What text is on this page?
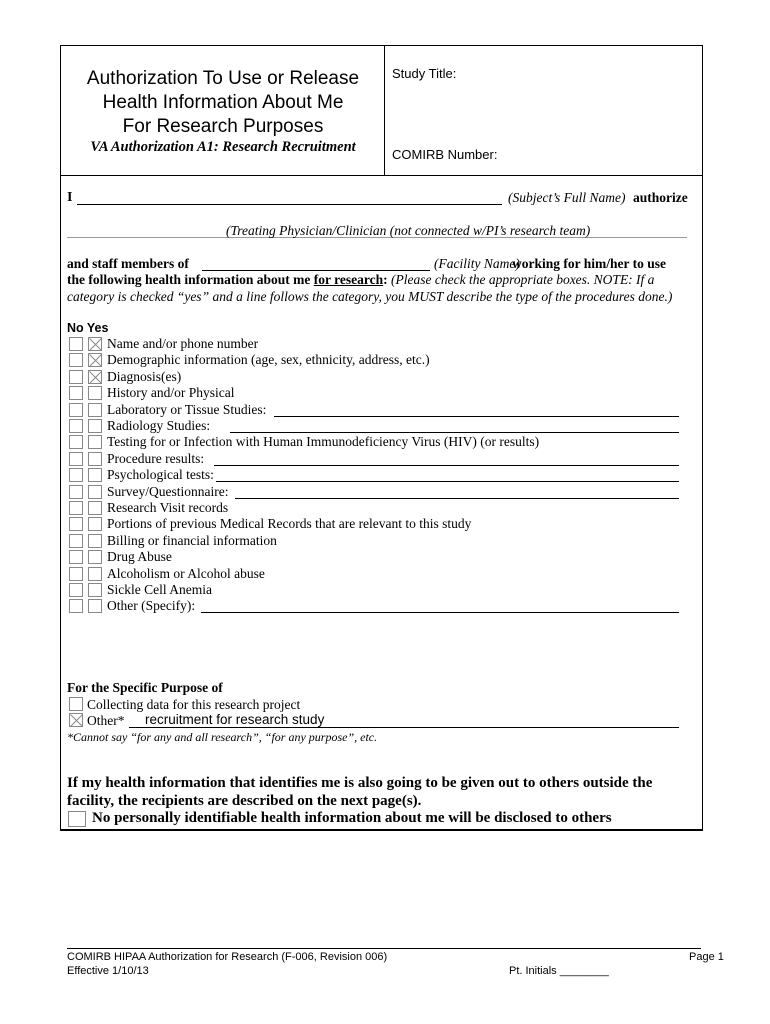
Authorization To Use or Release
Health Information About Me
For Research Purposes
VA Authorization A1: Research Recruitment
Study Title:
COMIRB Number:
I	(Subject’s Full Name) authorize
(Treating Physician/Clinician (not connected w/PI’s research team)
and staff members of	(Facility Name)
working for him/her to use
the following health information about me for research: (Please check the appropriate boxes. NOTE: If a
category is checked “yes” and a line follows the category, you MUST describe the type of the procedures done.)
No Yes
Name and/or phone number
Demographic information (age, sex, ethnicity, address, etc.)
Diagnosis(es)
History and/or Physical
Laboratory or Tissue Studies:
Radiology Studies:
Testing for or Infection with Human Immunodeficiency Virus (HIV) (or results)
Procedure results:
Psychological tests:
Survey/Questionnaire:
Research Visit records
Portions of previous Medical Records that are relevant to this study
Billing or financial information
Drug Abuse
Alcoholism or Alcohol abuse
Sickle Cell Anemia
Other (Specify):
For the Specific Purpose of
Collecting data for this research project
Other* recruitment for research study
*Cannot say “for any and all research”, “for any purpose”, etc.
If my health information that identifies me is also going to be given out to others outside the
facility, the recipients are described on the next page(s).
No personally identifiable health information about me will be disclosed to others
COMIRB HIPAA Authorization for Research (F-006, Revision 006)
Effective 1/10/13	Pt. Initials ________
Page 1
